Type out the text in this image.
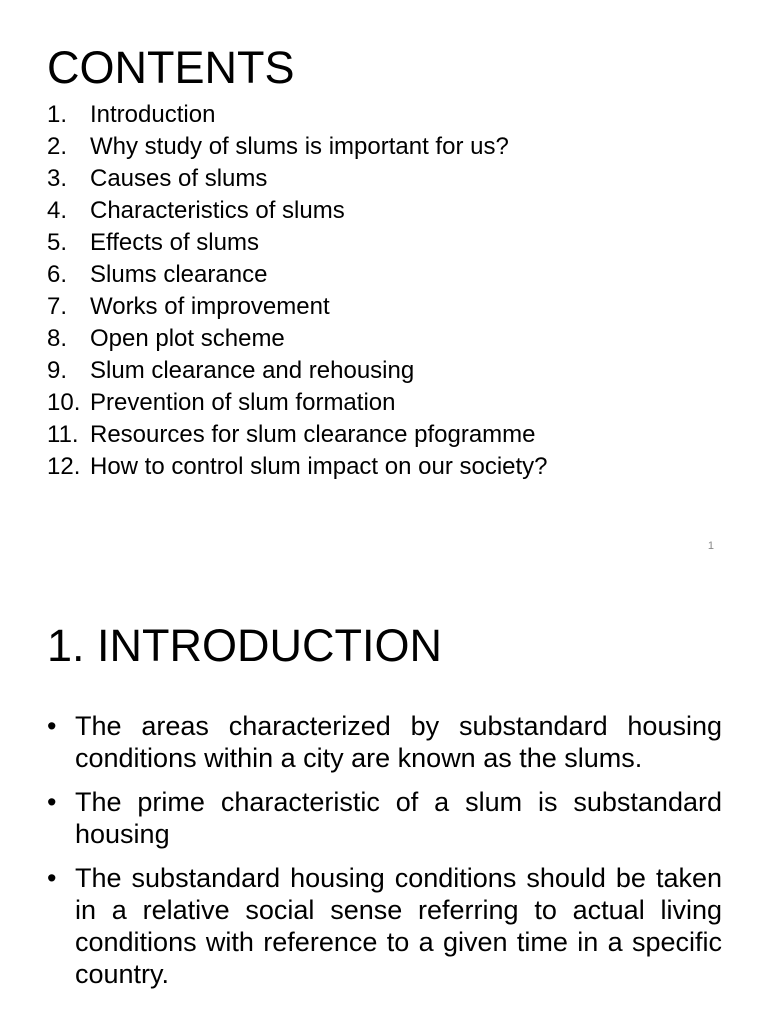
CONTENTS
1. Introduction
2. Why study of slums is important for us?
3. Causes of slums
4. Characteristics of slums
5. Effects of slums
6. Slums clearance
7. Works of improvement
8. Open plot scheme
9. Slum clearance and rehousing
10. Prevention of slum formation
11. Resources for slum clearance pfogramme
12. How to control slum impact on our society?
1
1. INTRODUCTION
• The areas characterized by substandard housing conditions within a city are known as the slums.
• The prime characteristic of a slum is substandard housing
• The substandard housing conditions should be taken in a relative social sense referring to actual living conditions with reference to a given time in a specific country.
